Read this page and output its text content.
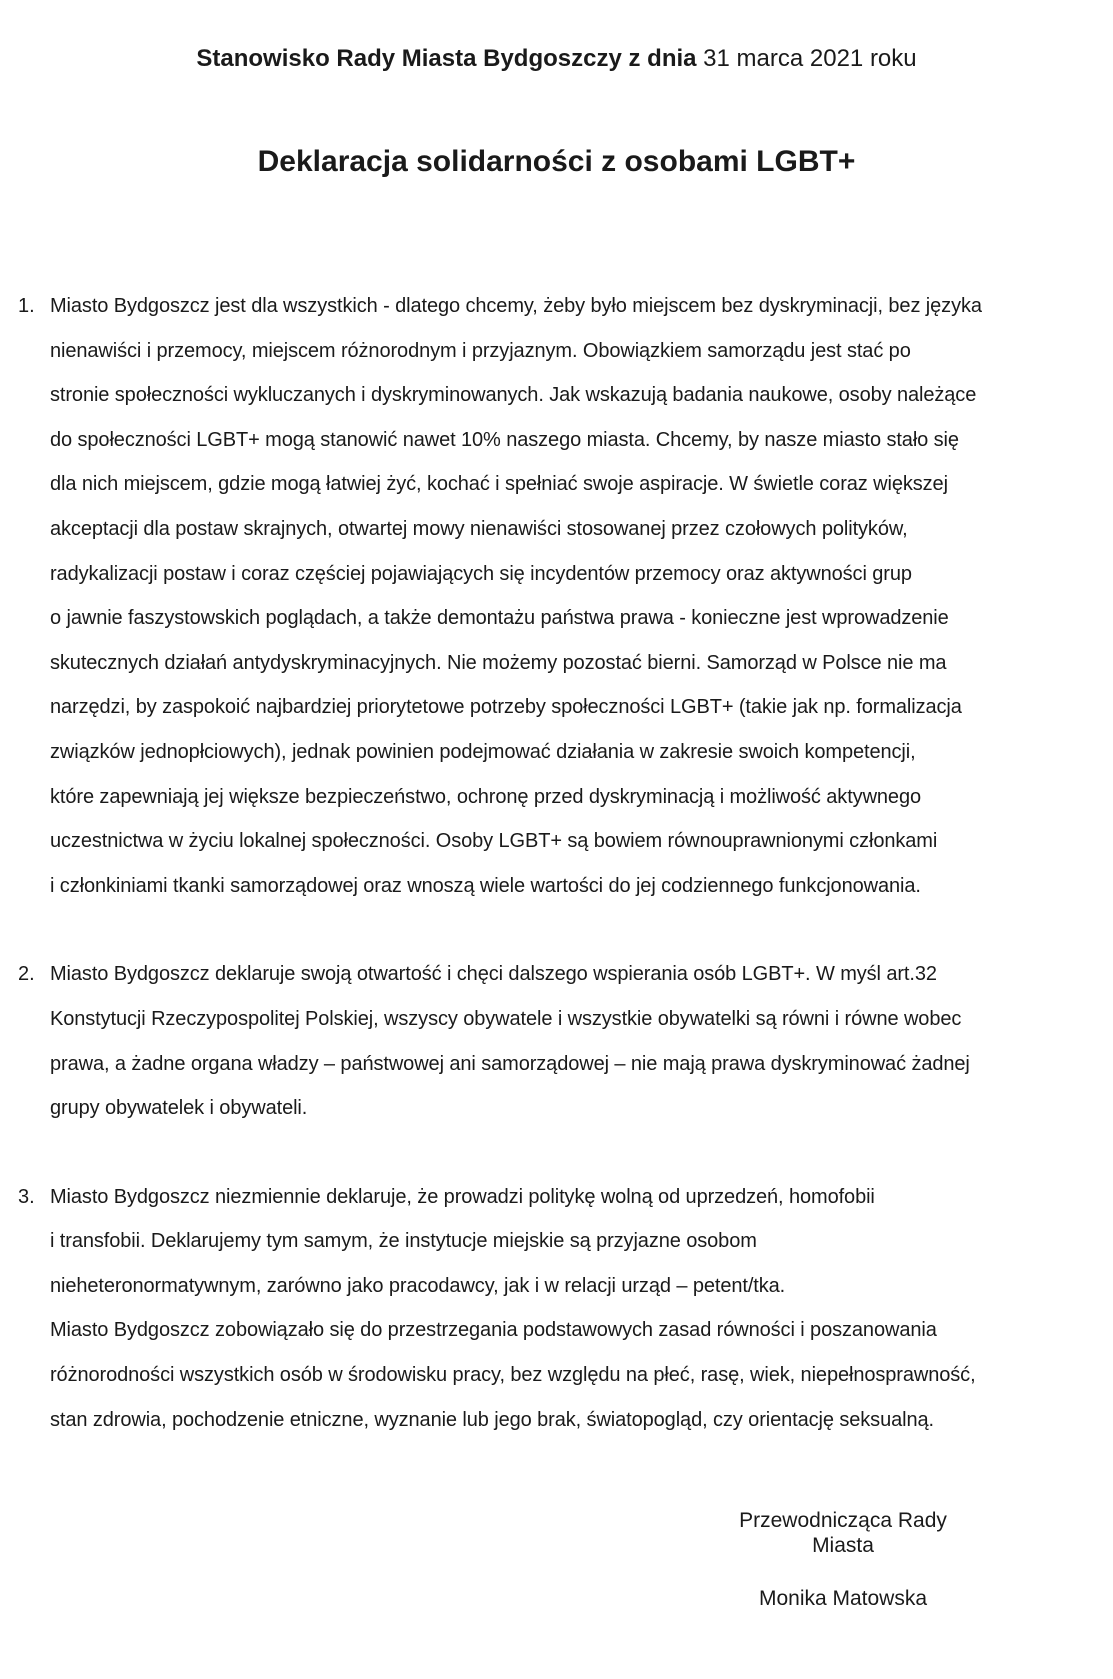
Stanowisko Rady Miasta Bydgoszczy z dnia 31 marca 2021 roku
Deklaracja solidarności z osobami LGBT+
1. Miasto Bydgoszcz jest dla wszystkich - dlatego chcemy, żeby było miejscem bez dyskryminacji, bez języka
nienawiści i przemocy, miejscem różnorodnym i przyjaznym. Obowiązkiem samorządu jest stać po
stronie społeczności wykluczanych i dyskryminowanych. Jak wskazują badania naukowe, osoby należące
do społeczności LGBT+ mogą stanowić nawet 10% naszego miasta. Chcemy, by nasze miasto stało się
dla nich miejscem, gdzie mogą łatwiej żyć, kochać i spełniać swoje aspiracje. W świetle coraz większej
akceptacji dla postaw skrajnych, otwartej mowy nienawiści stosowanej przez czołowych polityków,
radykalizacji postaw i coraz częściej pojawiających się incydentów przemocy oraz aktywności grup
o jawnie faszystowskich poglądach, a także demontażu państwa prawa - konieczne jest wprowadzenie
skutecznych działań antydyskryminacyjnych. Nie możemy pozostać bierni. Samorząd w Polsce nie ma
narzędzi, by zaspokoić najbardziej priorytetowe potrzeby społeczności LGBT+ (takie jak np. formalizacja
związków jednopłciowych), jednak powinien podejmować działania w zakresie swoich kompetencji,
które zapewniają jej większe bezpieczeństwo, ochronę przed dyskryminacją i możliwość aktywnego
uczestnictwa w życiu lokalnej społeczności. Osoby LGBT+ są bowiem równouprawnionymi członkami
i członkiniami tkanki samorządowej oraz wnoszą wiele wartości do jej codziennego funkcjonowania.
2. Miasto Bydgoszcz deklaruje swoją otwartość i chęci dalszego wspierania osób LGBT+. W myśl art.32
Konstytucji Rzeczypospolitej Polskiej, wszyscy obywatele i wszystkie obywatelki są równi i równe wobec
prawa, a żadne organa władzy – państwowej ani samorządowej – nie mają prawa dyskryminować żadnej
grupy obywatelek i obywateli.
3. Miasto Bydgoszcz niezmiennie deklaruje, że prowadzi politykę wolną od uprzedzeń, homofobii
i transfobii. Deklarujemy tym samym, że instytucje miejskie są przyjazne osobom
nieheteronormatywnym, zarówno jako pracodawcy, jak i w relacji urząd – petent/tka.
Miasto Bydgoszcz zobowiązało się do przestrzegania podstawowych zasad równości i poszanowania
różnorodności wszystkich osób w środowisku pracy, bez względu na płeć, rasę, wiek, niepełnosprawność,
stan zdrowia, pochodzenie etniczne, wyznanie lub jego brak, światopogląd, czy orientację seksualną.
Przewodnicząca Rady Miasta
Monika Matowska
